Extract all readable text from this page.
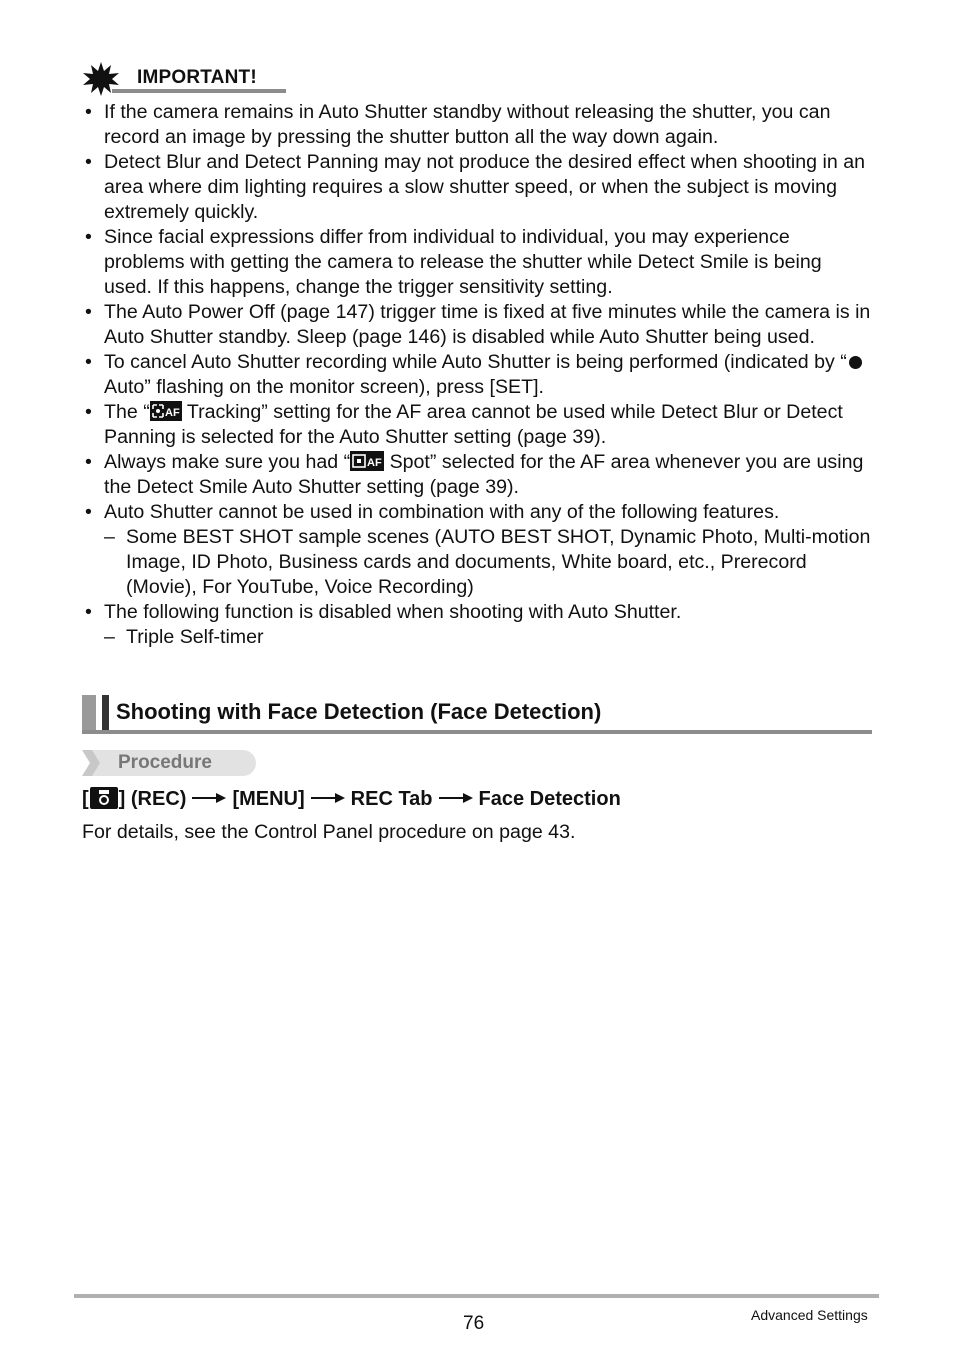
IMPORTANT!
• If the camera remains in Auto Shutter standby without releasing the shutter, you can record an image by pressing the shutter button all the way down again.
• Detect Blur and Detect Panning may not produce the desired effect when shooting in an area where dim lighting requires a slow shutter speed, or when the subject is moving extremely quickly.
• Since facial expressions differ from individual to individual, you may experience problems with getting the camera to release the shutter while Detect Smile is being used. If this happens, change the trigger sensitivity setting.
• The Auto Power Off (page 147) trigger time is fixed at five minutes while the camera is in Auto Shutter standby. Sleep (page 146) is disabled while Auto Shutter being used.
• To cancel Auto Shutter recording while Auto Shutter is being performed (indicated by “ Auto” flashing on the monitor screen), press [SET].
• The “ AF Tracking” setting for the AF area cannot be used while Detect Blur or Detect Panning is selected for the Auto Shutter setting (page 39).
• Always make sure you had “ AF Spot” selected for the AF area whenever you are using the Detect Smile Auto Shutter setting (page 39).
• Auto Shutter cannot be used in combination with any of the following features.
– Some BEST SHOT sample scenes (AUTO BEST SHOT, Dynamic Photo, Multi-motion Image, ID Photo, Business cards and documents, White board, etc., Prerecord (Movie), For YouTube, Voice Recording)
• The following function is disabled when shooting with Auto Shutter.
– Triple Self-timer
Shooting with Face Detection (Face Detection)
Procedure
[ ] (REC) [MENU] REC Tab Face Detection
For details, see the Control Panel procedure on page 43.
76	Advanced Settings
